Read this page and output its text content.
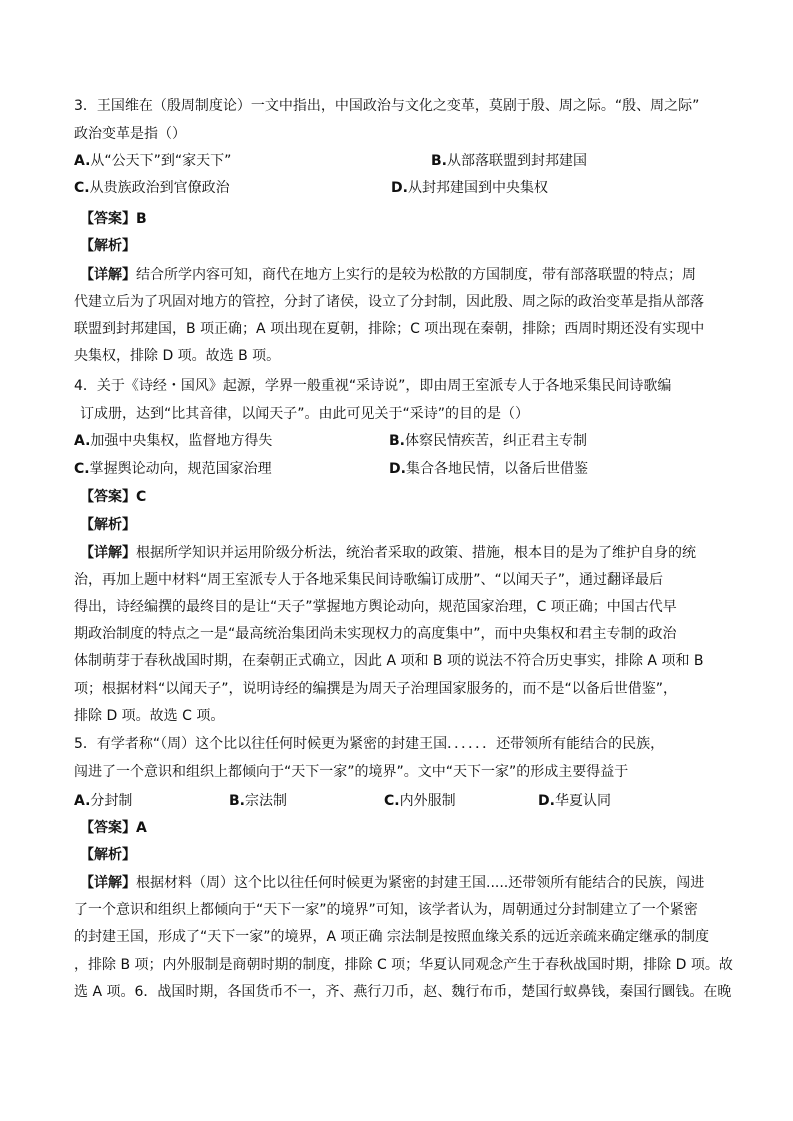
3．王国维在（殷周制度论）一文中指出，中国政治与文化之变革，莫剧于殷、周之际。“殷、周之际”
政治变革是指（）
A.从“公天下”到“家天下”	B.从部落联盟到封邦建国
C.从贵族政治到官僚政治	D.从封邦建国到中央集权
【答案】B
【解析】
【详解】结合所学内容可知，商代在地方上实行的是较为松散的方国制度，带有部落联盟的特点；周
代建立后为了巩固对地方的管控，分封了诸侯，设立了分封制，因此殷、周之际的政治变革是指从部落
联盟到封邦建国，B 项正确；A 项出现在夏朝，排除；C 项出现在秦朝，排除；西周时期还没有实现中
央集权，排除 D 项。故选 B 项。
4．关于《诗经・国风》起源，学界一般重视“采诗说”，即由周王室派专人于各地采集民间诗歌编
订成册，达到“比其音律，以闻天子”。由此可见关于“采诗”的目的是（）
A.加强中央集权，监督地方得失	B.体察民情疾苦，纠正君主专制
C.掌握舆论动向，规范国家治理	D.集合各地民情，以备后世借鉴
【答案】C
【解析】
【详解】根据所学知识并运用阶级分析法，统治者采取的政策、措施，根本目的是为了维护自身的统
治，再加上题中材料“周王室派专人于各地采集民间诗歌编订成册”、“以闻天子”，通过翻译最后
得出，诗经编撰的最终目的是让“天子”掌握地方舆论动向，规范国家治理，C 项正确；中国古代早
期政治制度的特点之一是“最高统治集团尚未实现权力的高度集中”，而中央集权和君主专制的政治
体制萌芽于春秋战国时期，在秦朝正式确立，因此 A 项和 B 项的说法不符合历史事实，排除 A 项和 B
项；根据材料“以闻天子”，说明诗经的编撰是为周天子治理国家服务的，而不是“以备后世借鉴”，
排除 D 项。故选 C 项。
5．有学者称“（周）这个比以往任何时候更为紧密的封建王国．．．．．．还带领所有能结合的民族，
闯进了一个意识和组织上都倾向于“天下一家”的境界”。文中“天下一家”的形成主要得益于
A.分封制	B.宗法制	C.内外服制	D.华夏认同
【答案】A
【解析】
【详解】根据材料（周）这个比以往任何时候更为紧密的封建王国.....还带领所有能结合的民族，闯进
了一个意识和组织上都倾向于“天下一家”的境界”可知，该学者认为，周朝通过分封制建立了一个紧密
的封建王国，形成了“天下一家”的境界，A 项正确 宗法制是按照血缘关系的远近亲疏来确定继承的制度
，排除 B 项；内外服制是商朝时期的制度，排除 C 项；华夏认同观念产生于春秋战国时期，排除 D 项。故
选 A 项。6．战国时期，各国货币不一，齐、燕行刀币，赵、魏行布币，楚国行蚁鼻钱，秦国行圜钱。在晚
